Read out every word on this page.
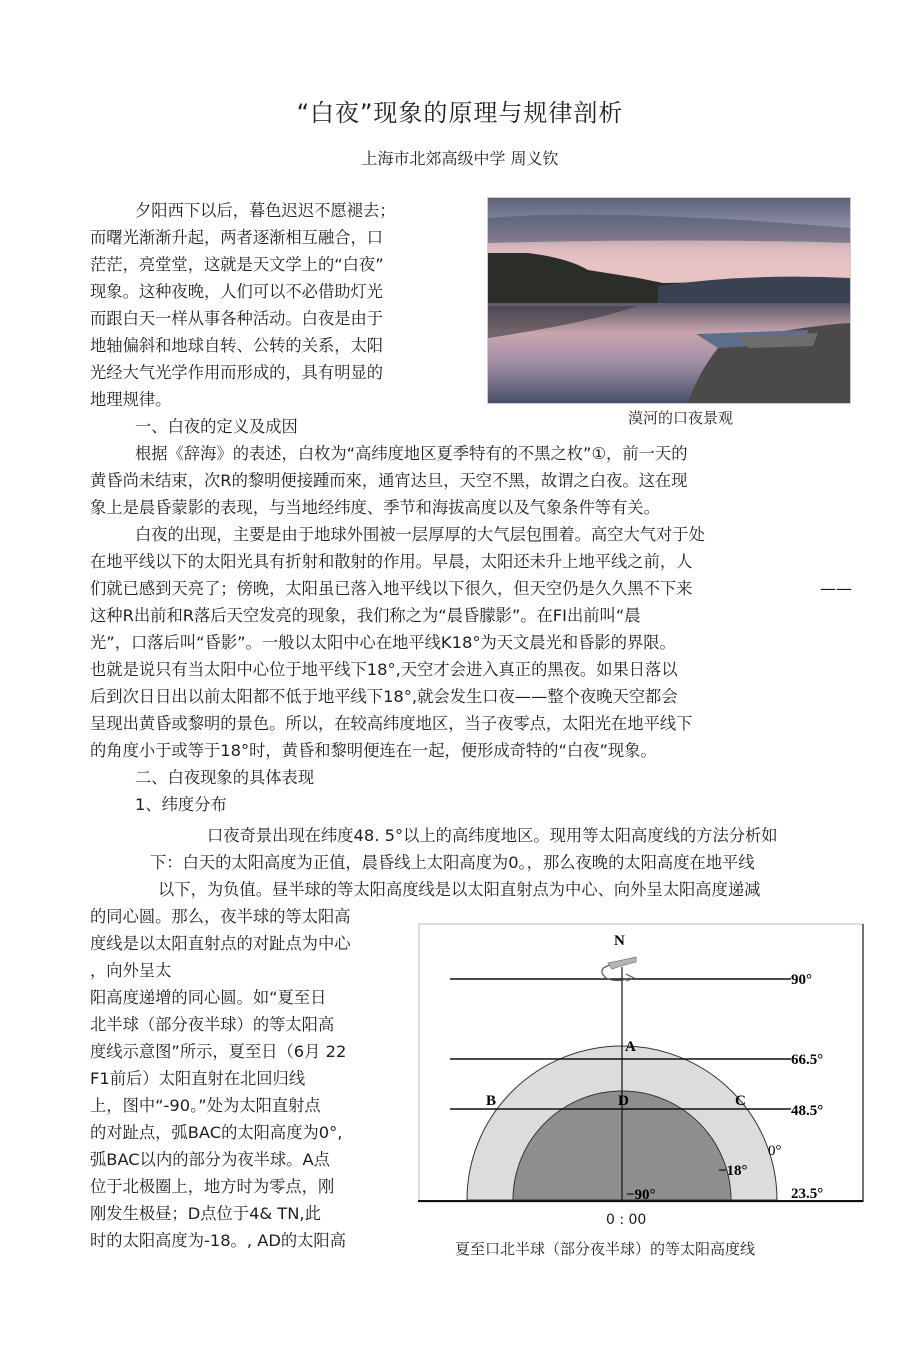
“白夜”现象的原理与规律剖析
上海市北郊高级中学 周义钦
夕阳西下以后，暮色迟迟不愿褪去；
而曙光渐渐升起，两者逐渐相互融合，口
茫茫，亮堂堂，这就是天文学上的“白夜”
现象。这种夜晚，人们可以不必借助灯光
而跟白天一样从事各种活动。白夜是由于
地轴偏斜和地球自转、公转的关系，太阳
光经大气光学作用而形成的，具有明显的
地理规律。
漠河的口夜景观
一、白夜的定义及成因
根据《辞海》的表述，白枚为“高纬度地区夏季特有的不黑之枚”①，前一天的
黄昏尚未结束，次R的黎明便接踵而來，通宵达旦，天空不黑，故谓之白夜。这在现
象上是晨昏蒙影的表现，与当地经纬度、季节和海拔高度以及气象条件等有关。
白夜的出现，主要是由于地球外围被一层厚厚的大气层包围着。高空大气对于处
在地平线以下的太阳光具有折射和散射的作用。早晨，太阳还未升上地平线之前，人
们就已感到天亮了；傍晚，太阳虽已落入地平线以下很久，但天空仍是久久黑不下来	——
这种R出前和R落后天空发亮的现象，我们称之为“晨昏朦影”。在FI出前叫“晨
光”，口落后叫“昏影”。一般以太阳中心在地平线K18°为天文晨光和昏影的界限。
也就是说只有当太阳中心位于地平线下18°,天空才会进入真正的黑夜。如果日落以
后到次日日出以前太阳都不低于地平线下18°,就会发生口夜——整个夜晚天空都会
呈现出黄昏或黎明的景色。所以，在较高纬度地区，当子夜零点，太阳光在地平线下
的角度小于或等于18°时，黄昏和黎明便连在一起，便形成奇特的“白夜”现象。
二、白夜现象的具体表现
1、纬度分布
口夜奇景出现在纬度48. 5°以上的高纬度地区。现用等太阳高度线的方法分析如
下：白天的太阳高度为正值，晨昏线上太阳高度为0。，那么夜晚的太阳高度在地平线
以下，为负值。昼半球的等太阳高度线是以太阳直射点为中心、向外呈太阳高度递减
的同心圆。那么，夜半球的等太阳高
度线是以太阳直射点的对趾点为中心
，向外呈太
阳高度递增的同心圆。如“夏至日
北半球（部分夜半球）的等太阳高
度线示意图”所示，夏至日（6月 22
F1前后）太阳直射在北回归线
上，图中“-90。”处为太阳直射点
的对趾点，弧BAC的太阳高度为0°,
弧BAC以内的部分为夜半球。A点
位于北极圈上，地方时为零点，刚
刚发生极昼；D点位于4& TN,此
时的太阳高度为-18。, AD的太阳高
N
A
B	D	C
90°
66.5°
48.5°
23.5°
0°
−18°
−90°
0 : 00
夏至口北半球（部分夜半球）的等太阳高度线
